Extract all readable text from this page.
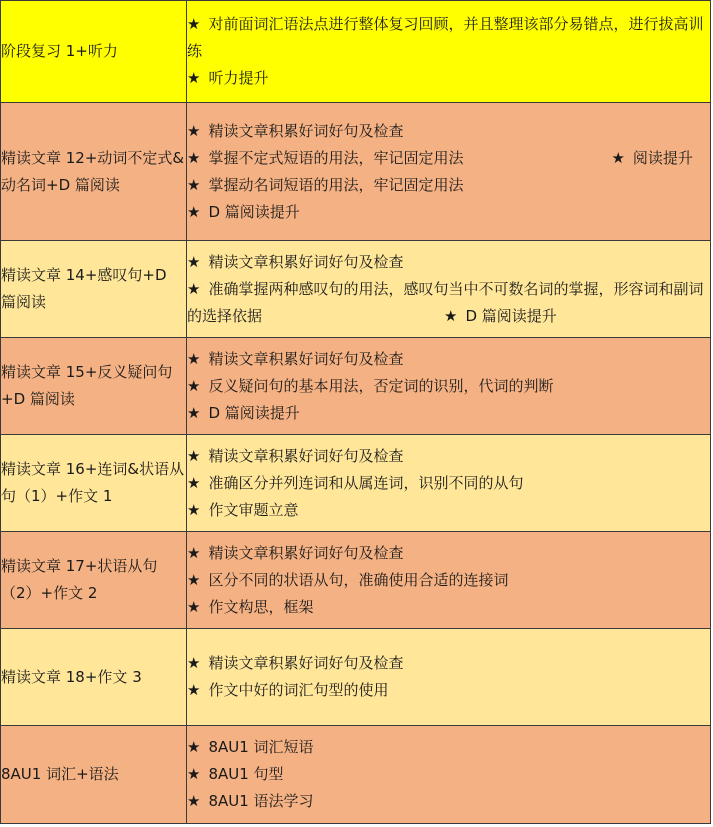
阶段复习 1+听力	★ 对前面词汇语法点进行整体复习回顾，并且整理该部分易错点，进行拔高训练
★ 听力提升

精读文章 12+动词不定式&动名词+D 篇阅读	★ 精读文章积累好词好句及检查
★ 掌握不定式短语的用法，牢记固定用法 ★ 阅读提升
★ 掌握动名词短语的用法，牢记固定用法
★ D 篇阅读提升

精读文章 14+感叹句+D 篇阅读	★ 精读文章积累好词好句及检查
★ 准确掌握两种感叹句的用法，感叹句当中不可数名词的掌握，形容词和副词的选择依据 ★ D 篇阅读提升

精读文章 15+反义疑问句+D 篇阅读	★ 精读文章积累好词好句及检查
★ 反义疑问句的基本用法，否定词的识别，代词的判断
★ D 篇阅读提升

精读文章 16+连词&状语从句（1）+作文 1	★ 精读文章积累好词好句及检查
★ 准确区分并列连词和从属连词，识别不同的从句
★ 作文审题立意

精读文章 17+状语从句（2）+作文 2	★ 精读文章积累好词好句及检查
★ 区分不同的状语从句，准确使用合适的连接词
★ 作文构思，框架

精读文章 18+作文 3	★ 精读文章积累好词好句及检查
★ 作文中好的词汇句型的使用

8AU1 词汇+语法	★ 8AU1 词汇短语
★ 8AU1 句型
★ 8AU1 语法学习
